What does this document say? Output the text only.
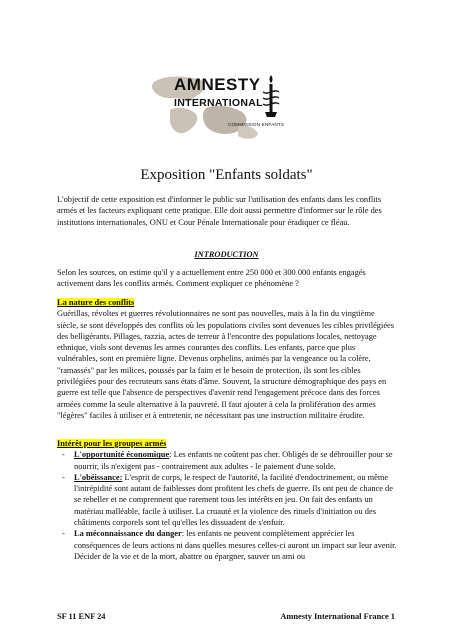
AMNESTY
INTERNATIONAL
COMMISSION ENFANTS
Exposition "Enfants soldats"

L'objectif de cette exposition est d'informer le public sur l'utilisation des enfants dans les conflits armés et les facteurs expliquant cette pratique. Elle doit aussi permettre d'informer sur le rôle des institutions internationales, ONU et Cour Pénale Internationale pour éradiquer ce fléau.

INTRODUCTION

Selon les sources, on estime qu'il y a actuellement entre 250 000 et 300 000 enfants engagés activement dans les conflits armés. Comment expliquer ce phénomène ?

La nature des conflits

Guérillas, révoltes et guerres révolutionnaires ne sont pas nouvelles, mais à la fin du vingtième siècle, se sont développés des conflits où les populations civiles sont devenues les cibles privilégiées des belligérants. Pillages, razzia, actes de terreur à l'encontre des populations locales, nettoyage ethnique, viols sont devenus les armes courantes des conflits. Les enfants, parce que plus vulnérables, sont en première ligne. Devenus orphelins, animés par la vengeance ou la colère, "ramassés" par les milices, poussés par la faim et le besoin de protection, ils sont les cibles privilégiées pour des recruteurs sans états d'âme. Souvent, la structure démographique des pays en guerre est telle que l'absence de perspectives d'avenir rend l'engagement précoce dans des forces armées comme la seule alternative à la pauvreté. Il faut ajouter à cela la prolifération des armes "légères" faciles à utiliser et à entretenir, ne nécessitant pas une instruction militaire érudite.

Intérêt pour les groupes armés
- L'opportunité économique: Les enfants ne coûtent pas cher. Obligés de se débrouiller pour se nourrir, ils n'exigent pas - contrairement aux adultes - le paiement d'une solde.
- L'obéissance: L'esprit de corps, le respect de l'autorité, la facilité d'endoctrinement, ou même l'intrépidité sont autant de faiblesses dont profitent les chefs de guerre. Ils ont peu de chance de se rebeller et ne comprennent que rarement tous les intérêts en jeu. On fait des enfants un matériau malléable, facile à utiliser. La cruauté et la violence des rituels d'initiation ou des châtiments corporels sont tel qu'elles les dissuadent de s'enfuir.
- La méconnaissance du danger: les enfants ne peuvent complètement apprécier les conséquences de leurs actions ni dans quelles mesures celles-ci auront un impact sur leur avenir. Décider de la vie et de la mort, abattre ou épargner, sauver un ami ou
SF 11 ENF 24	Amnesty International France 1
